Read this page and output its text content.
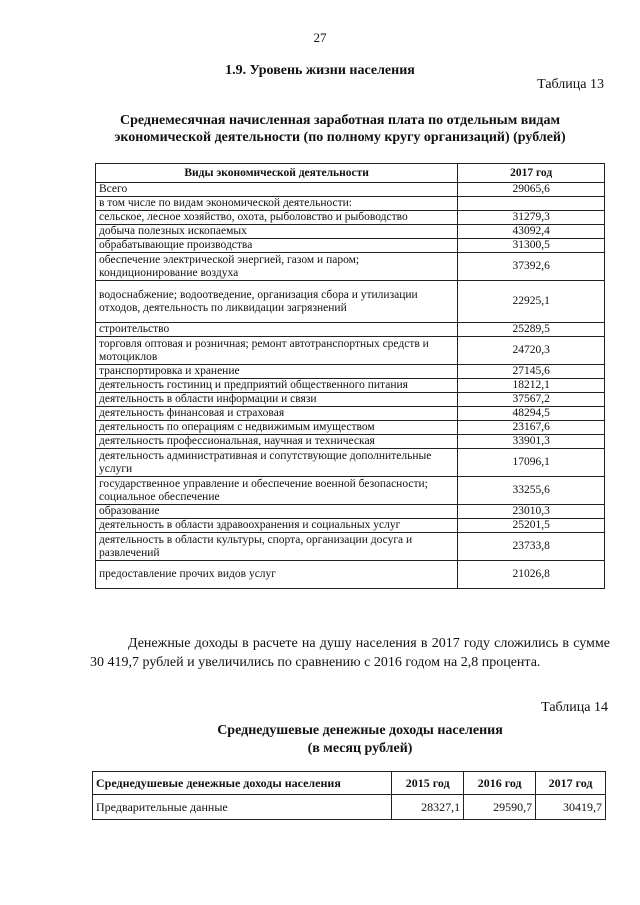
27
1.9. Уровень жизни населения
Таблица 13
Среднемесячная начисленная заработная плата по отдельным видам
экономической деятельности (по полному кругу организаций) (рублей)
Виды экономической деятельности	2017 год
Всего	29065,6
в том числе по видам экономической деятельности:	
сельское, лесное хозяйство, охота, рыболовство и рыбоводство	31279,3
добыча полезных ископаемых	43092,4
обрабатывающие производства	31300,5
обеспечение электрической энергией, газом и паром; кондиционирование воздуха	37392,6
водоснабжение; водоотведение, организация сбора и утилизации отходов, деятельность по ликвидации загрязнений	22925,1
строительство	25289,5
торговля оптовая и розничная; ремонт автотранспортных средств и мотоциклов	24720,3
транспортировка и хранение	27145,6
деятельность гостиниц и предприятий общественного питания	18212,1
деятельность в области информации и связи	37567,2
деятельность финансовая и страховая	48294,5
деятельность по операциям с недвижимым имуществом	23167,6
деятельность профессиональная, научная и техническая	33901,3
деятельность административная и сопутствующие дополнительные услуги	17096,1
государственное управление и обеспечение военной безопасности; социальное обеспечение	33255,6
образование	23010,3
деятельность в области здравоохранения и социальных услуг	25201,5
деятельность в области культуры, спорта, организации досуга и развлечений	23733,8
предоставление прочих видов услуг	21026,8

Денежные доходы в расчете на душу населения в 2017 году сложились в сумме 30 419,7 рублей и увеличились по сравнению с 2016 годом на 2,8 процента.

Таблица 14
Среднедушевые денежные доходы населения
(в месяц рублей)
Среднедушевые денежные доходы населения	2015 год	2016 год	2017 год
Предварительные данные	28327,1	29590,7	30419,7
